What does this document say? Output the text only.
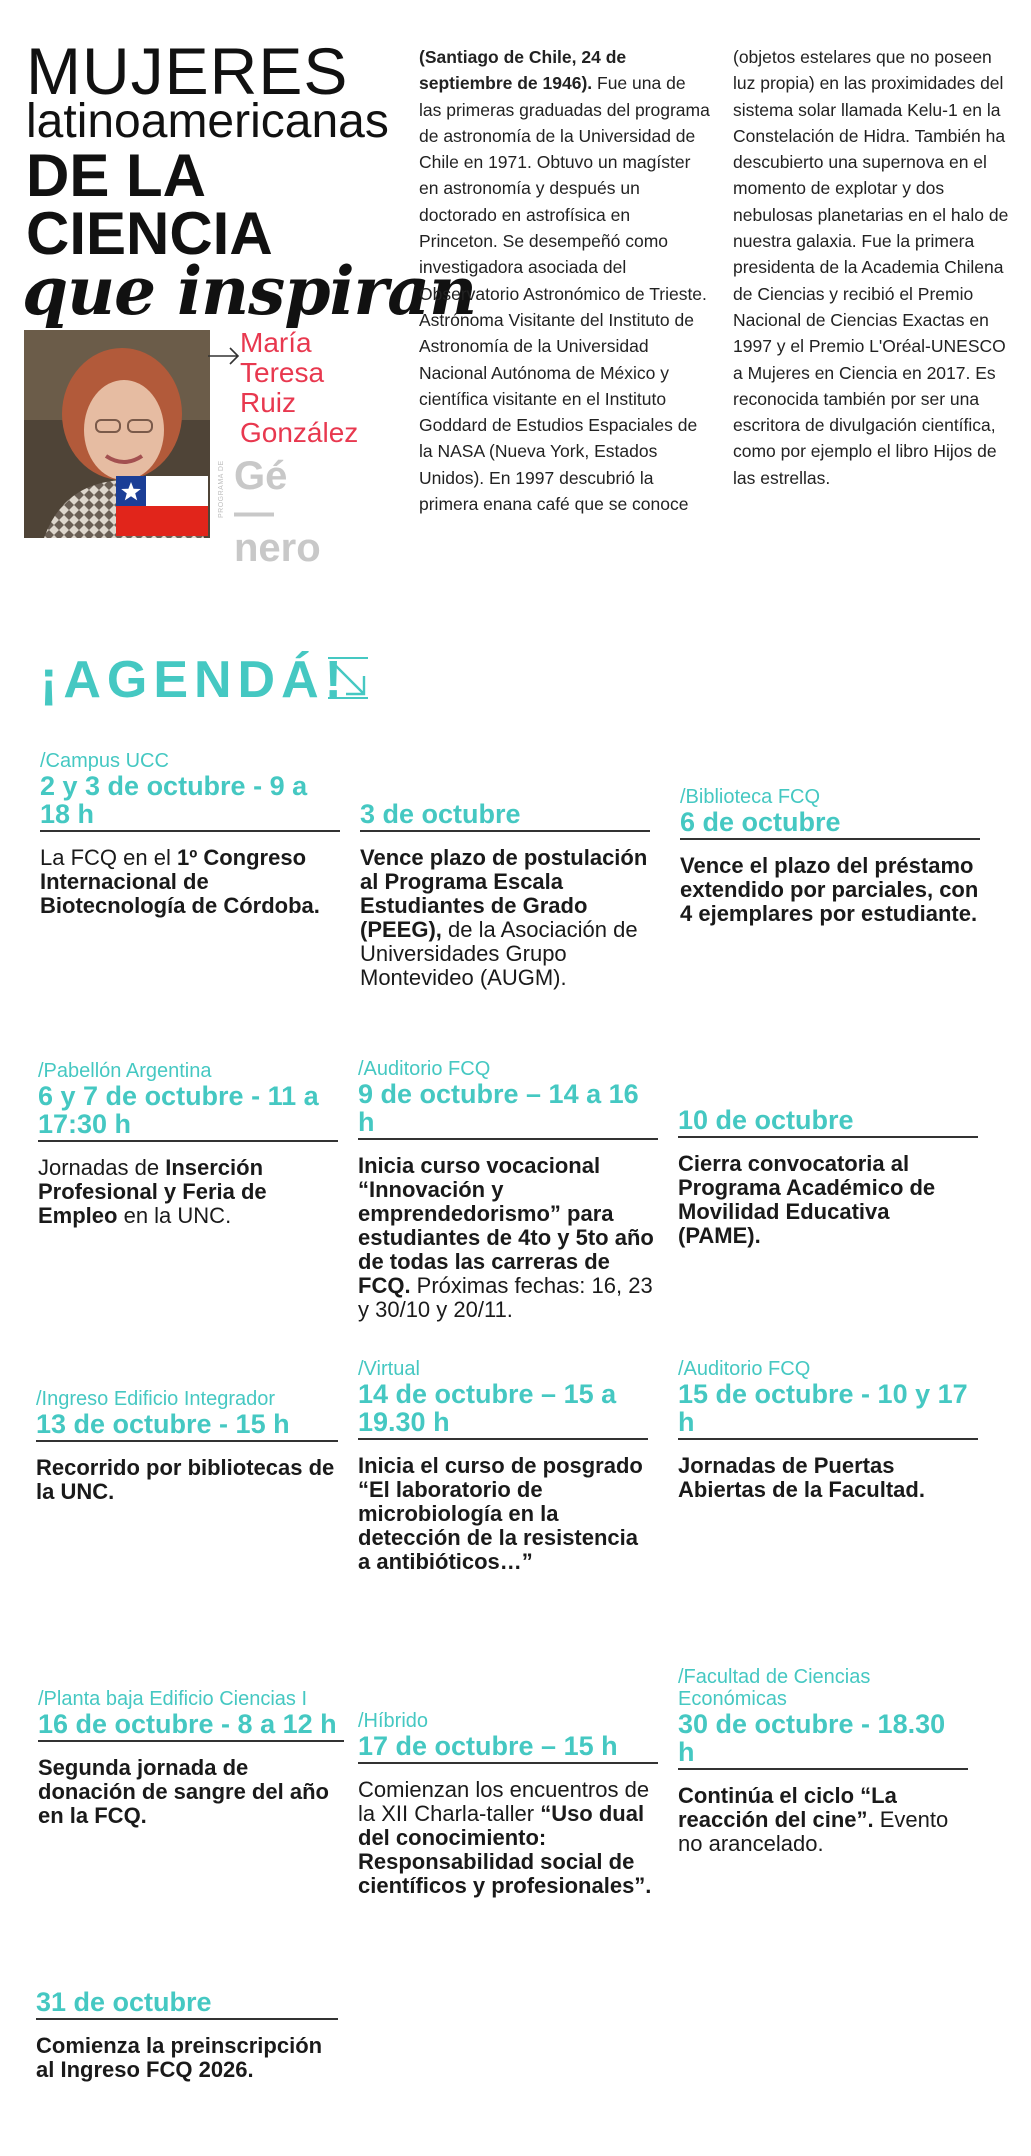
MUJERES
latinoamericanas
DE LA
CIENCIA
que inspiran
María
Teresa
Ruiz
González
PROGRAMA DE Gé —
nero
(Santiago de Chile, 24 de septiembre de 1946). Fue una de las primeras graduadas del programa de astronomía de la Universidad de Chile en 1971. Obtuvo un magíster en astronomía y después un doctorado en astrofísica en Princeton. Se desempeñó como investigadora asociada del Observatorio Astronómico de Trieste. Astrónoma Visitante del Instituto de Astronomía de la Universidad Nacional Autónoma de México y científica visitante en el Instituto Goddard de Estudios Espaciales de la NASA (Nueva York, Estados Unidos). En 1997 descubrió la primera enana café que se conoce
(objetos estelares que no poseen luz propia) en las proximidades del sistema solar llamada Kelu-1 en la Constelación de Hidra. También ha descubierto una supernova en el momento de explotar y dos nebulosas planetarias en el halo de nuestra galaxia. Fue la primera presidenta de la Academia Chilena de Ciencias y recibió el Premio Nacional de Ciencias Exactas en 1997 y el Premio L'Oréal-UNESCO a Mujeres en Ciencia en 2017. Es reconocida también por ser una escritora de divulgación científica, como por ejemplo el libro Hijos de las estrellas.
¡AGENDÁ!
/Campus UCC
2 y 3 de octubre - 9 a 18 h
La FCQ en el 1º Congreso Internacional de Biotecnología de Córdoba.
3 de octubre
Vence plazo de postulación al Programa Escala Estudiantes de Grado (PEEG), de la Asociación de Universidades Grupo Montevideo (AUGM).
/Biblioteca FCQ
6 de octubre
Vence el plazo del préstamo extendido por parciales, con 4 ejemplares por estudiante.
/Pabellón Argentina
6 y 7 de octubre - 11 a 17:30 h
Jornadas de Inserción Profesional y Feria de Empleo en la UNC.
/Auditorio FCQ
9 de octubre – 14 a 16 h
Inicia curso vocacional “Innovación y emprendedorismo” para estudiantes de 4to y 5to año de todas las carreras de FCQ. Próximas fechas: 16, 23 y 30/10 y 20/11.
10 de octubre
Cierra convocatoria al Programa Académico de Movilidad Educativa (PAME).
/Ingreso Edificio Integrador
13 de octubre - 15 h
Recorrido por bibliotecas de la UNC.
/Virtual
14 de octubre – 15 a 19.30 h
Inicia el curso de posgrado “El laboratorio de microbiología en la detección de la resistencia a antibióticos…”
/Auditorio FCQ
15 de octubre - 10 y 17 h
Jornadas de Puertas Abiertas de la Facultad.
/Planta baja Edificio Ciencias I
16 de octubre - 8 a 12 h
Segunda jornada de donación de sangre del año en la FCQ.
/Híbrido
17 de octubre – 15 h
Comienzan los encuentros de la XII Charla-taller “Uso dual del conocimiento: Responsabilidad social de científicos y profesionales”.
/Facultad de Ciencias Económicas
30 de octubre - 18.30 h
Continúa el ciclo “La reacción del cine”. Evento no arancelado.
31 de octubre
Comienza la preinscripción al Ingreso FCQ 2026.
